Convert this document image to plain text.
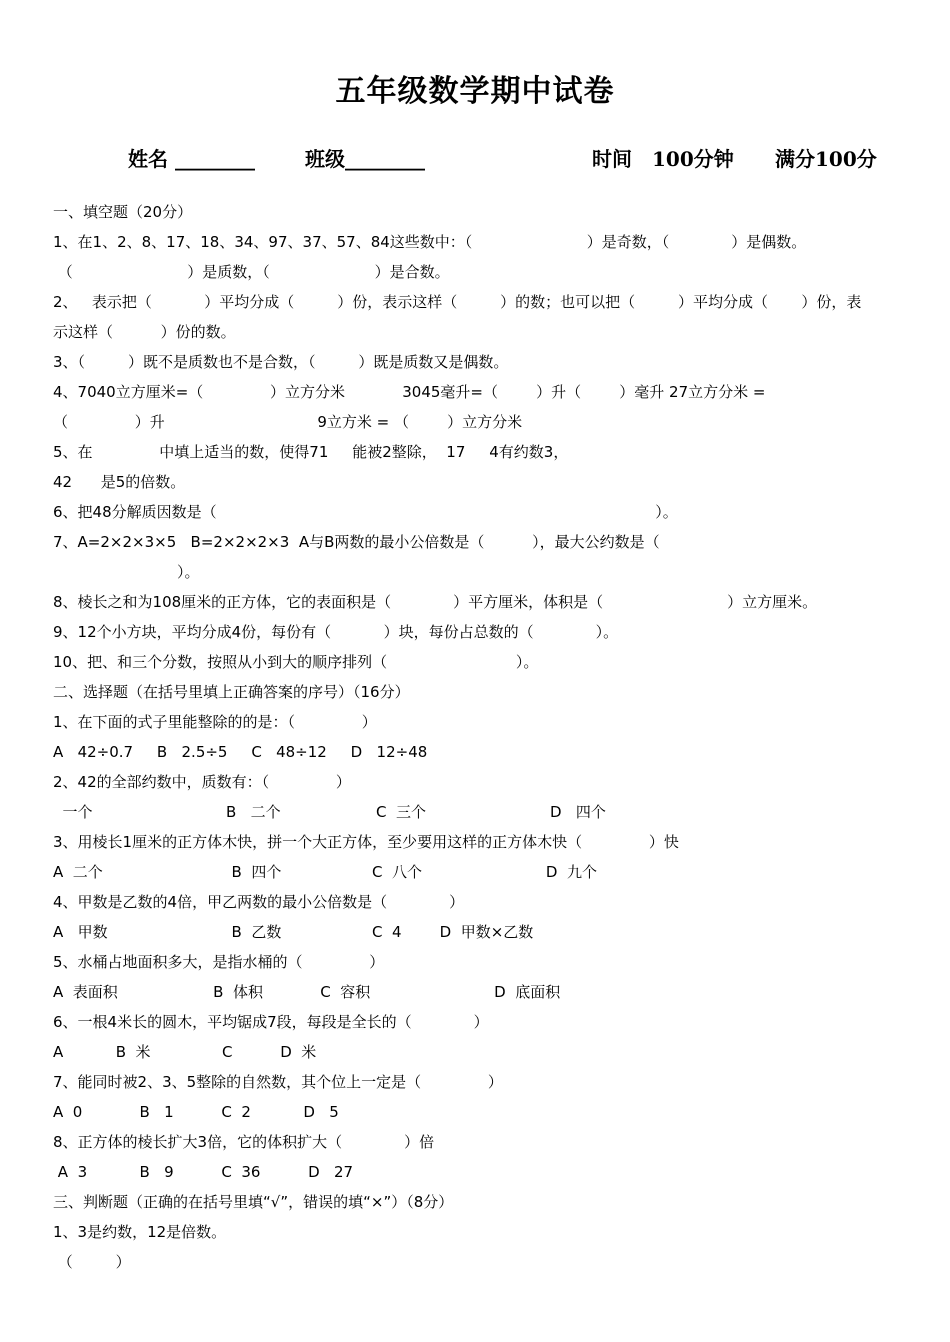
五年级数学期中试卷
姓名 ________	班级________	时间　100分钟 满分100分
一、填空题（20分）
1、在1、2、8、17、18、34、97、37、57、84这些数中：（                        ）是奇数，（             ）是偶数。
（                        ）是质数，（                      ）是合数。
2、   表示把（           ）平均分成（         ）份，表示这样（         ）的数；也可以把（         ）平均分成（       ）份，表
示这样（          ）份的数。
3、（         ）既不是质数也不是合数，（         ）既是质数又是偶数。
4、7040立方厘米=（              ）立方分米            3045毫升=（        ）升（        ）毫升 27立方分米 =
（              ）升                                9立方米 = （        ）立方分米
5、在              中填上适当的数，使得71     能被2整除，  17     4有约数3，
42      是5的倍数。
6、把48分解质因数是（                                                                                            ）。
7、A=2×2×3×5   B=2×2×2×3  A与B两数的最小公倍数是（          ），最大公约数是（
）。
8、棱长之和为108厘米的正方体，它的表面积是（             ）平方厘米，体积是（                          ）立方厘米。
9、12个小方块，平均分成4份，每份有（           ）块，每份占总数的（             ）。
10、把、和三个分数，按照从小到大的顺序排列（                           ）。
二、选择题（在括号里填上正确答案的序号）（16分）
1、在下面的式子里能整除的的是：（              ）
A   42÷0.7     B   2.5÷5     C   48÷12     D   12÷48
2、42的全部约数中，质数有：（              ）
一个                            B   二个                    C  三个                          D   四个
3、用棱长1厘米的正方体木快，拼一个大正方体，至少要用这样的正方体木快（              ）快
A  二个                           B  四个                   C  八个                          D  九个
4、甲数是乙数的4倍，甲乙两数的最小公倍数是（             ）
A   甲数                          B  乙数                   C  4        D  甲数×乙数
5、水桶占地面积多大，是指水桶的（              ）
A  表面积                    B  体积            C  容积                          D  底面积
6、一根4米长的圆木，平均锯成7段，每段是全长的（             ）
A           B  米               C          D  米
7、能同时被2、3、5整除的自然数，其个位上一定是（              ）
A  0            B   1          C  2           D   5
8、正方体的棱长扩大3倍，它的体积扩大（             ）倍
A  3           B   9          C  36          D   27
三、判断题（正确的在括号里填“√”，错误的填“×”）（8分）
1、3是约数，12是倍数。
（         ）
